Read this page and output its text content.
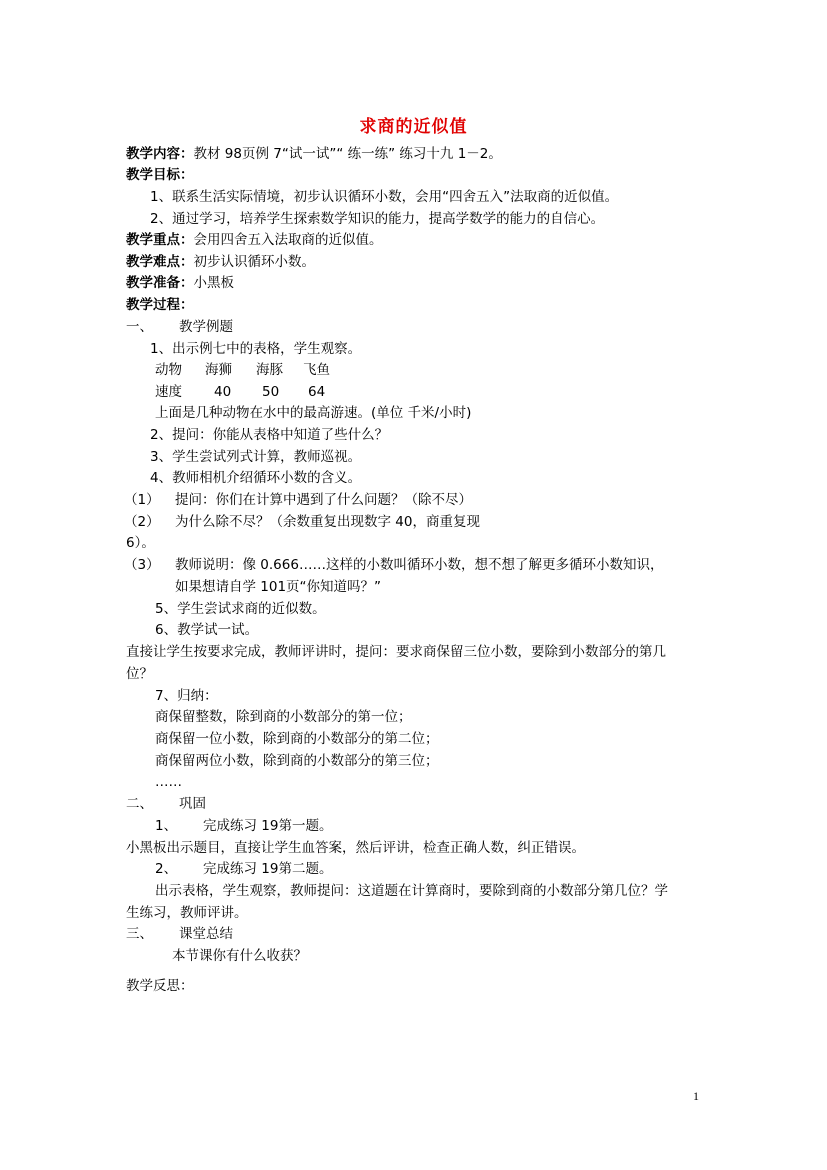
求商的近似值
教学内容：教材 98页例 7“试一试”“ 练一练” 练习十九 1－2。
教学目标：
1、联系生活实际情境，初步认识循环小数，会用“四舍五入”法取商的近似值。
2、通过学习，培养学生探索数学知识的能力，提高学数学的能力的自信心。
教学重点：会用四舍五入法取商的近似值。
教学难点：初步认识循环小数。
教学准备：小黑板
教学过程：
一、 教学例题
1、出示例七中的表格，学生观察。
动物 海狮 海豚 飞鱼
速度 40 50 64
上面是几种动物在水中的最高游速。(单位 千米/小时)
2、提问：你能从表格中知道了些什么？
3、学生尝试列式计算，教师巡视。
4、教师相机介绍循环小数的含义。
（1） 提问：你们在计算中遇到了什么问题？（除不尽）
（2） 为什么除不尽？（余数重复出现数字 40，商重复现
6）。
（3） 教师说明：像 0.666……这样的小数叫循环小数，想不想了解更多循环小数知识，
如果想请自学 101页“你知道吗？”
5、学生尝试求商的近似数。
6、教学试一试。
直接让学生按要求完成，教师评讲时，提问：要求商保留三位小数，要除到小数部分的第几
位？
7、归纳：
商保留整数，除到商的小数部分的第一位；
商保留一位小数，除到商的小数部分的第二位；
商保留两位小数，除到商的小数部分的第三位；
……
二、 巩固
1、 完成练习 19第一题。
小黑板出示题目，直接让学生血答案，然后评讲，检查正确人数，纠正错误。
2、 完成练习 19第二题。
出示表格，学生观察，教师提问：这道题在计算商时，要除到商的小数部分第几位？学
生练习，教师评讲。
三、 课堂总结
本节课你有什么收获？
教学反思：
1
